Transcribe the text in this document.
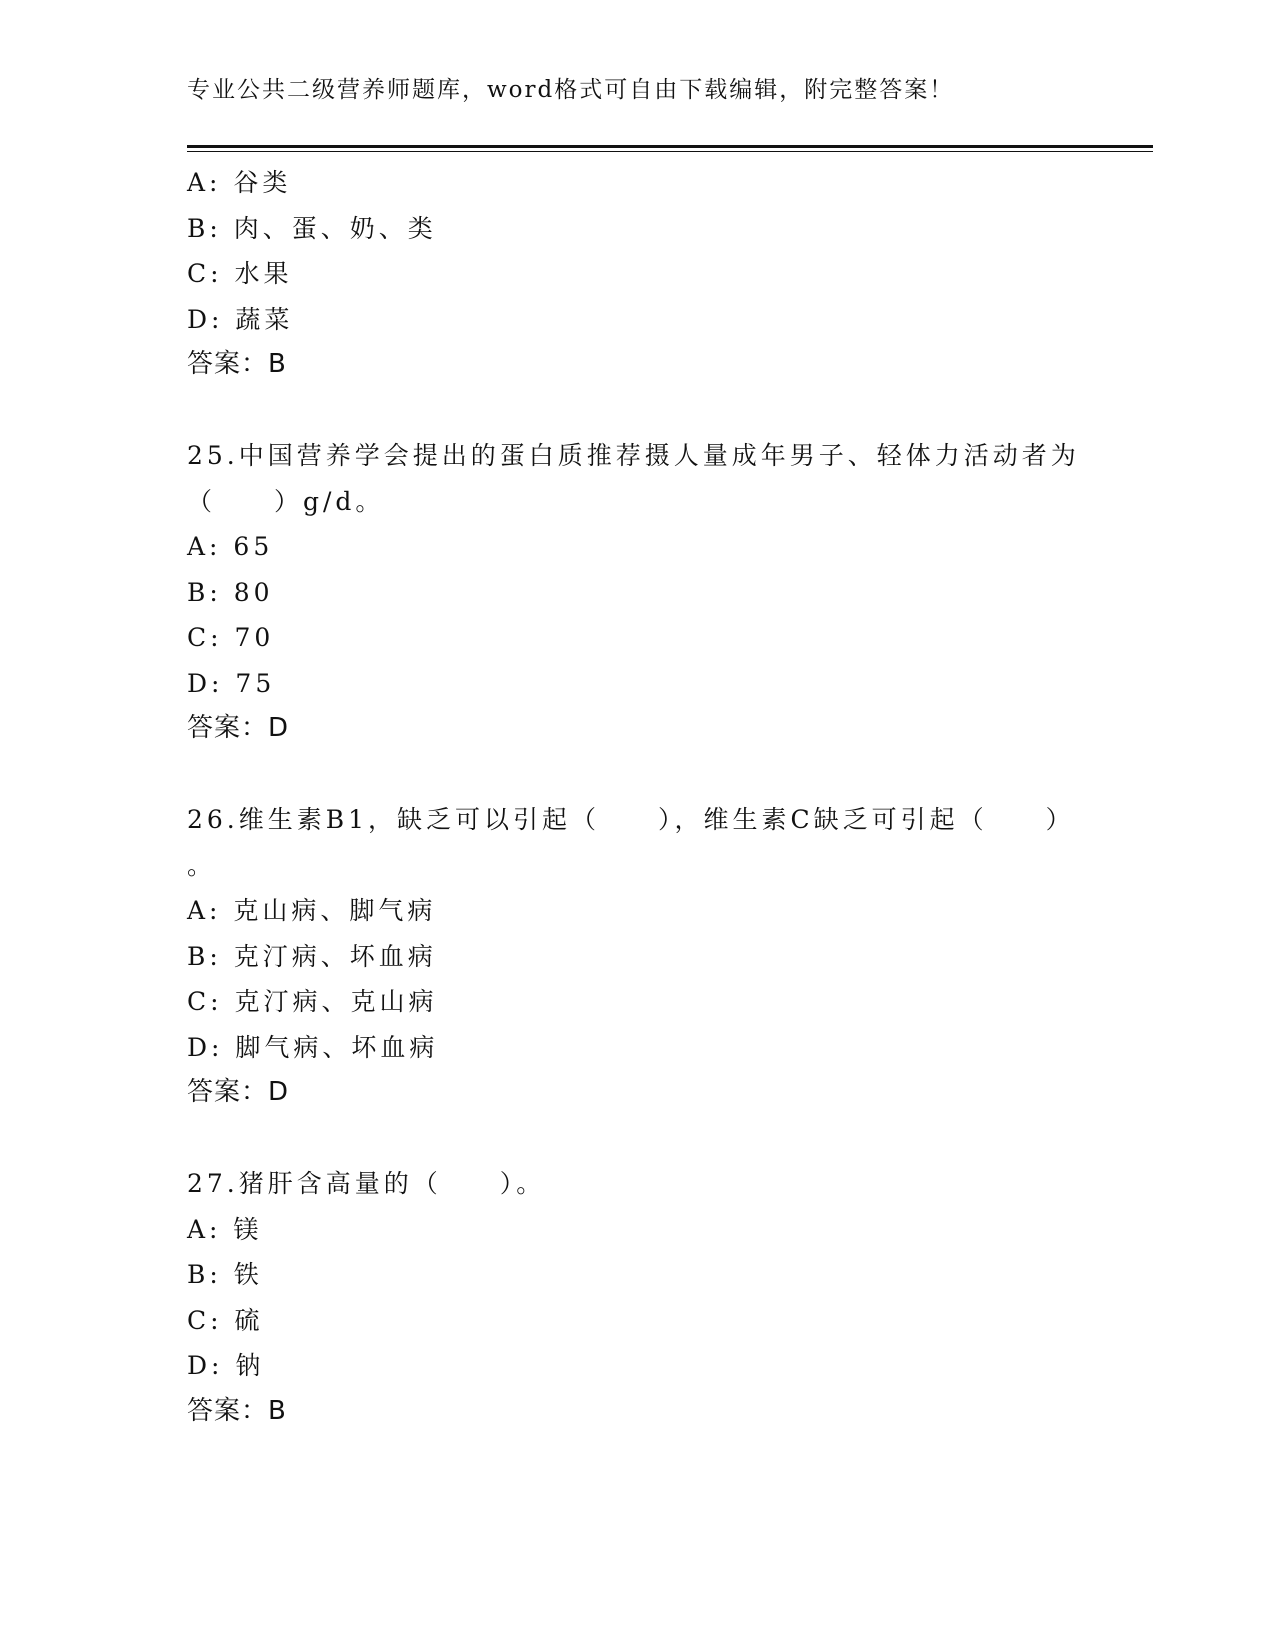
专业公共二级营养师题库，word格式可自由下载编辑，附完整答案！
A: 谷类
B: 肉、蛋、奶、类
C: 水果
D: 蔬菜
答案：B
25.中国营养学会提出的蛋白质推荐摄人量成年男子、轻体力活动者为
（　　）g/d。
A: 65
B: 80
C: 70
D: 75
答案：D
26.维生素B1，缺乏可以引起（　　），维生素C缺乏可引起（　　）
。
A: 克山病、脚气病
B: 克汀病、坏血病
C: 克汀病、克山病
D: 脚气病、坏血病
答案：D
27.猪肝含高量的（　　）。
A: 镁
B: 铁
C: 硫
D: 钠
答案：B
